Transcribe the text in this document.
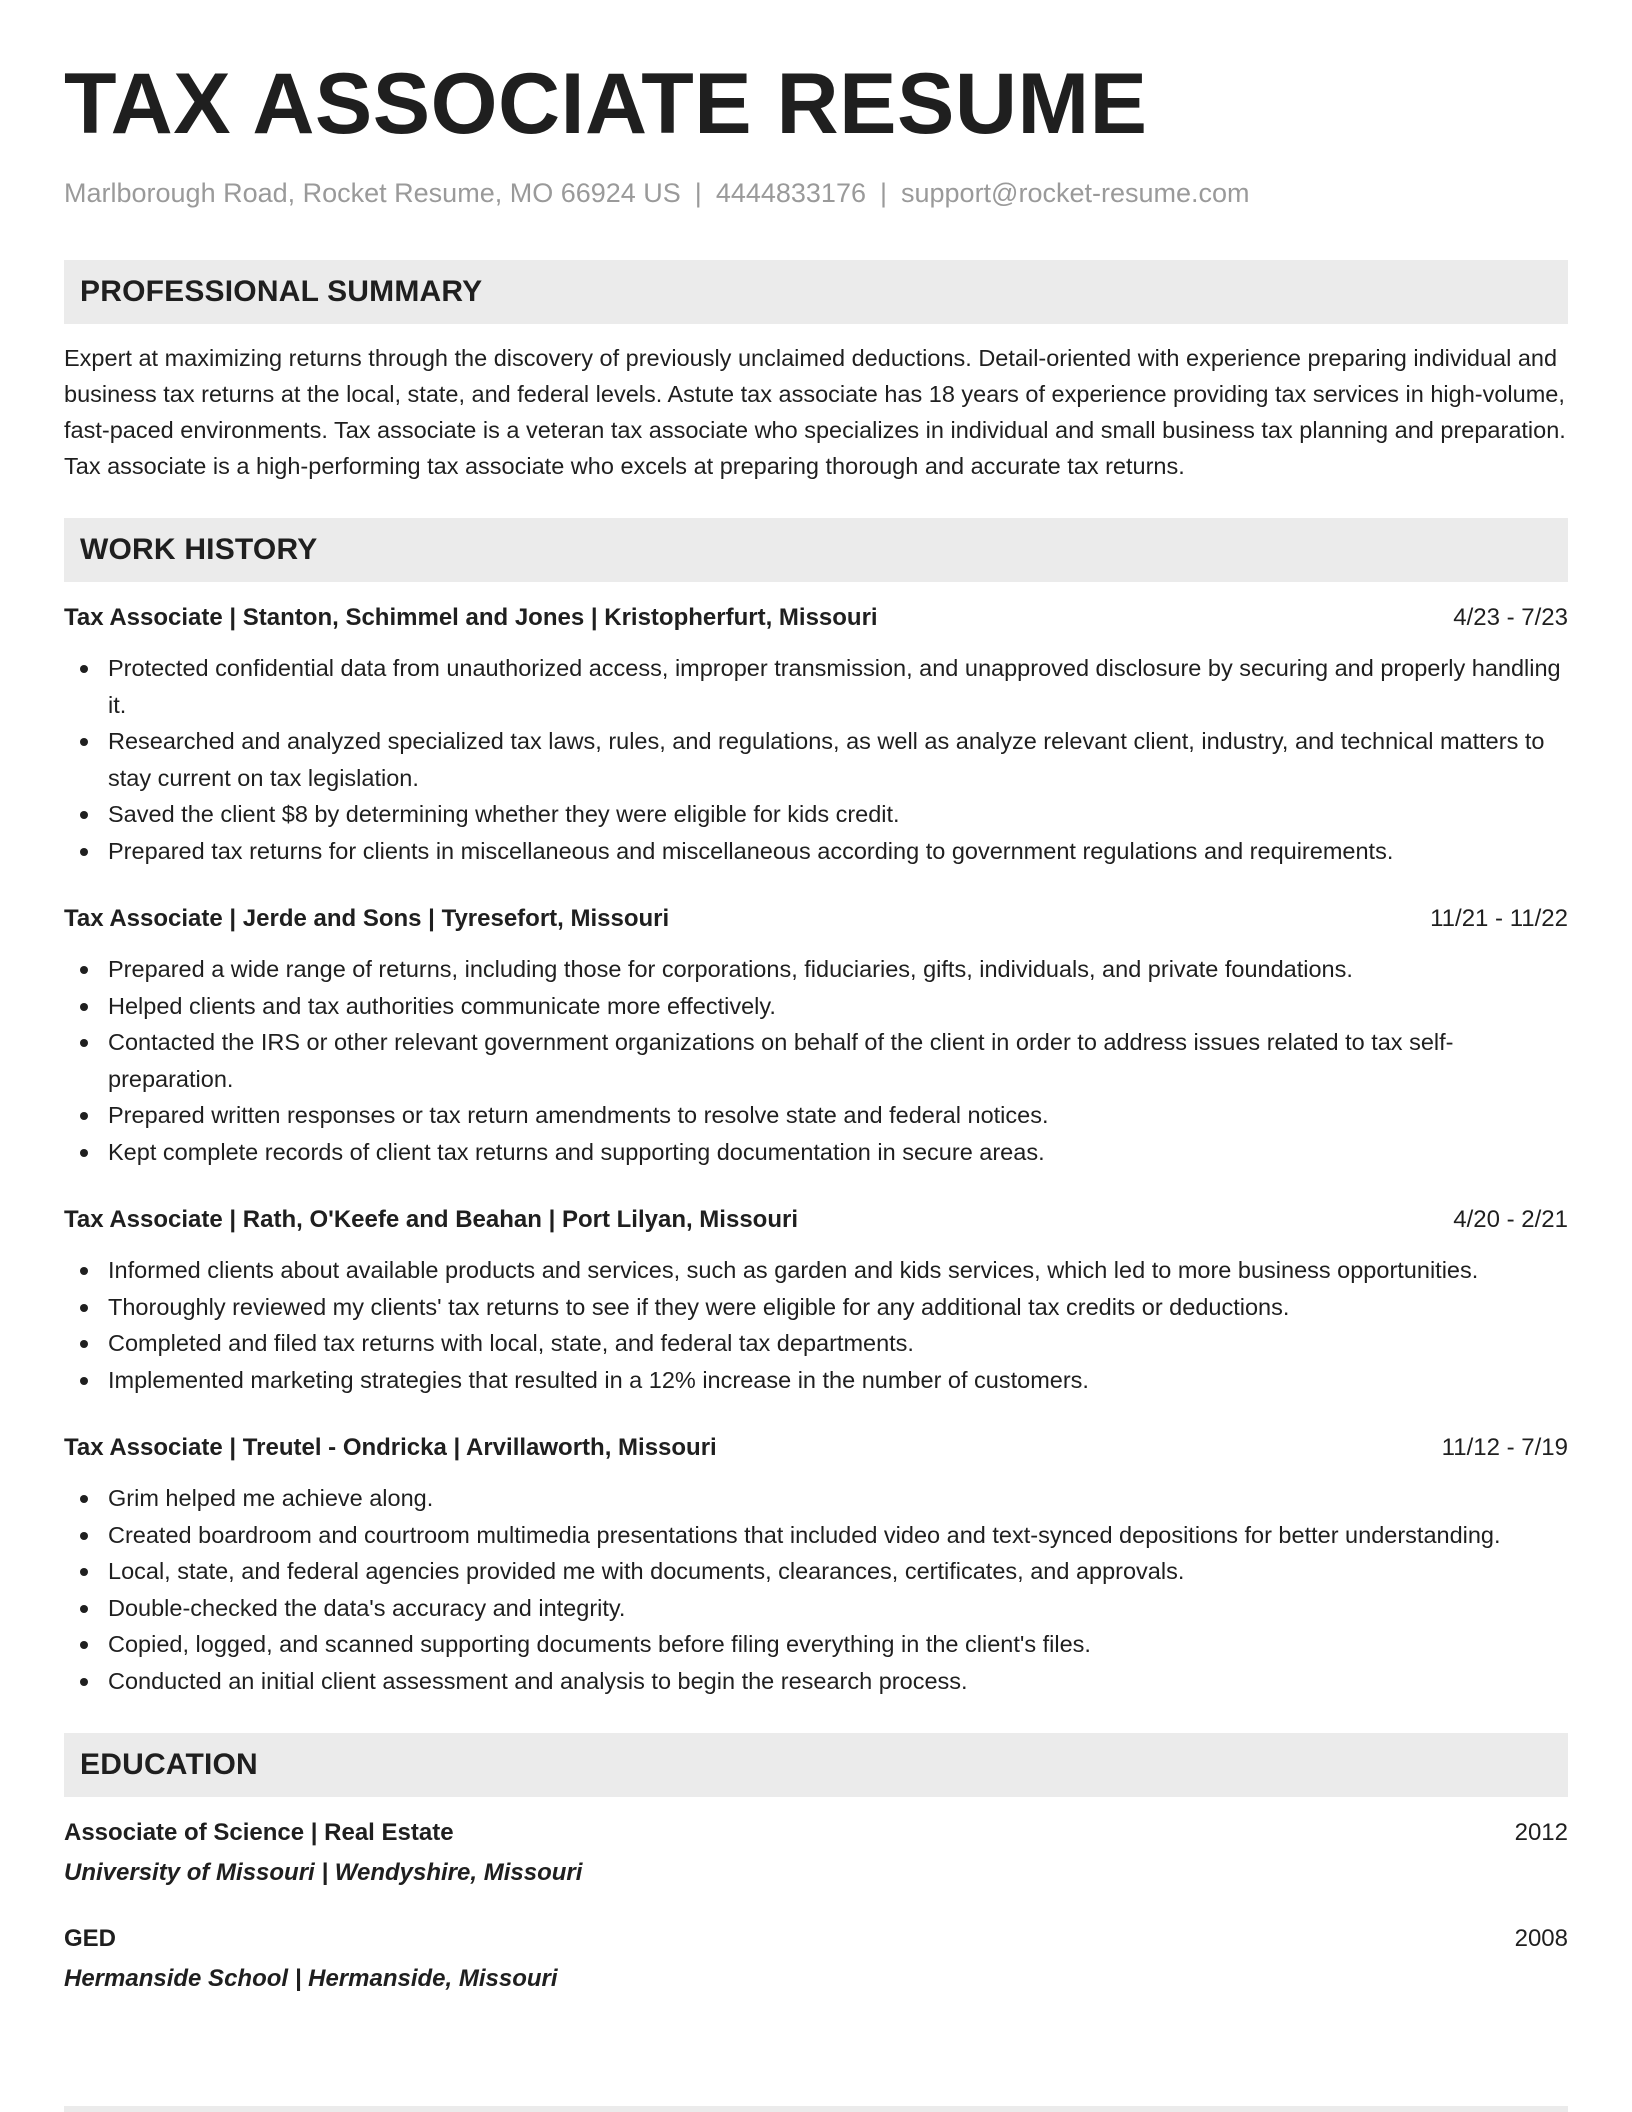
TAX ASSOCIATE RESUME
Marlborough Road, Rocket Resume, MO 66924 US | 4444833176 | support@rocket-resume.com
PROFESSIONAL SUMMARY
Expert at maximizing returns through the discovery of previously unclaimed deductions. Detail-oriented with experience preparing individual and business tax returns at the local, state, and federal levels. Astute tax associate has 18 years of experience providing tax services in high-volume, fast-paced environments. Tax associate is a veteran tax associate who specializes in individual and small business tax planning and preparation. Tax associate is a high-performing tax associate who excels at preparing thorough and accurate tax returns.
WORK HISTORY
Tax Associate | Stanton, Schimmel and Jones | Kristopherfurt, Missouri	4/23 - 7/23
Protected confidential data from unauthorized access, improper transmission, and unapproved disclosure by securing and properly handling it.
Researched and analyzed specialized tax laws, rules, and regulations, as well as analyze relevant client, industry, and technical matters to stay current on tax legislation.
Saved the client $8 by determining whether they were eligible for kids credit.
Prepared tax returns for clients in miscellaneous and miscellaneous according to government regulations and requirements.
Tax Associate | Jerde and Sons | Tyresefort, Missouri	11/21 - 11/22
Prepared a wide range of returns, including those for corporations, fiduciaries, gifts, individuals, and private foundations.
Helped clients and tax authorities communicate more effectively.
Contacted the IRS or other relevant government organizations on behalf of the client in order to address issues related to tax self-preparation.
Prepared written responses or tax return amendments to resolve state and federal notices.
Kept complete records of client tax returns and supporting documentation in secure areas.
Tax Associate | Rath, O'Keefe and Beahan | Port Lilyan, Missouri	4/20 - 2/21
Informed clients about available products and services, such as garden and kids services, which led to more business opportunities.
Thoroughly reviewed my clients' tax returns to see if they were eligible for any additional tax credits or deductions.
Completed and filed tax returns with local, state, and federal tax departments.
Implemented marketing strategies that resulted in a 12% increase in the number of customers.
Tax Associate | Treutel - Ondricka | Arvillaworth, Missouri	11/12 - 7/19
Grim helped me achieve along.
Created boardroom and courtroom multimedia presentations that included video and text-synced depositions for better understanding.
Local, state, and federal agencies provided me with documents, clearances, certificates, and approvals.
Double-checked the data's accuracy and integrity.
Copied, logged, and scanned supporting documents before filing everything in the client's files.
Conducted an initial client assessment and analysis to begin the research process.
EDUCATION
Associate of Science | Real Estate	2012
University of Missouri | Wendyshire, Missouri
GED	2008
Hermanside School | Hermanside, Missouri
